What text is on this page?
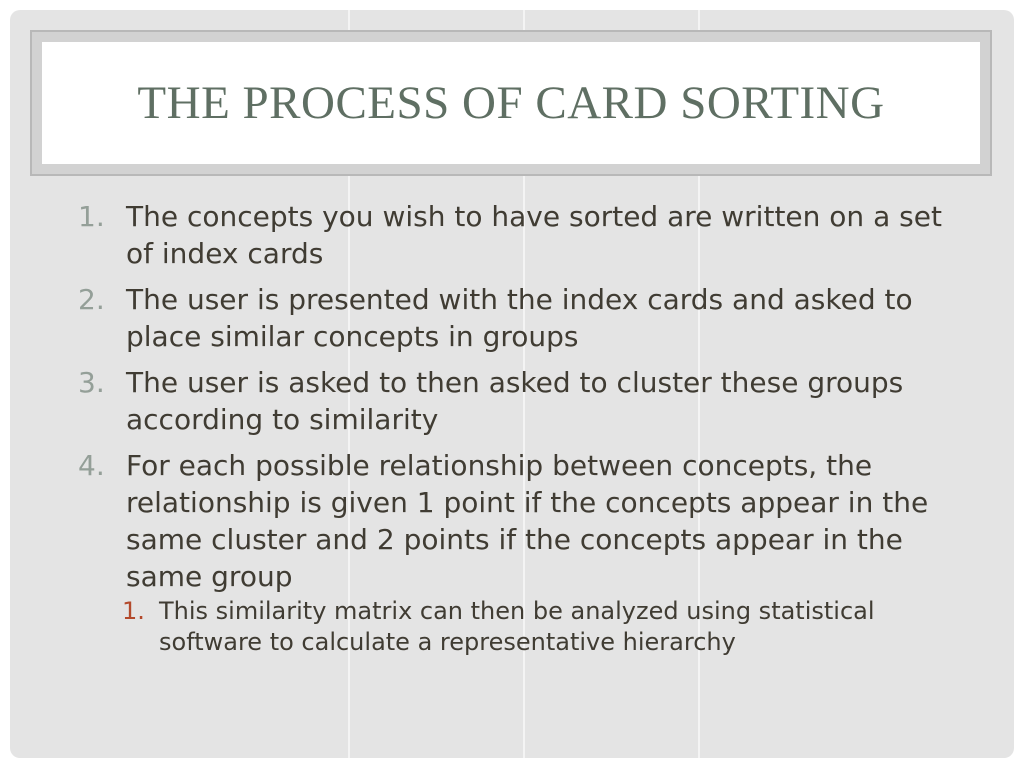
THE PROCESS OF CARD SORTING
1. The concepts you wish to have sorted are written on a set of index cards
2. The user is presented with the index cards and asked to place similar concepts in groups
3. The user is asked to then asked to cluster these groups according to similarity
4. For each possible relationship between concepts, the relationship is given 1 point if the concepts appear in the same cluster and 2 points if the concepts appear in the same group
1. This similarity matrix can then be analyzed using statistical software to calculate a representative hierarchy
